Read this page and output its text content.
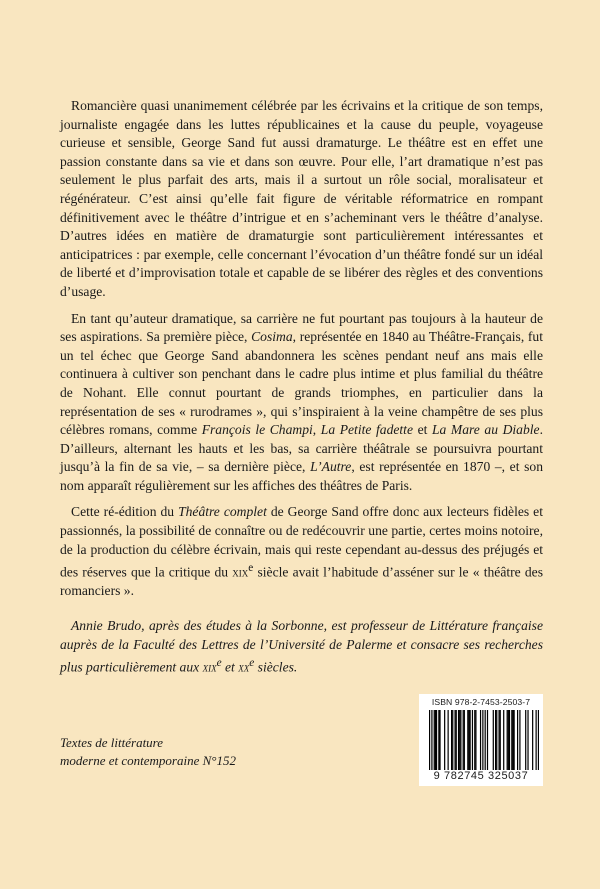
Romancière quasi unanimement célébrée par les écrivains et la critique de son temps, journaliste engagée dans les luttes républicaines et la cause du peuple, voyageuse curieuse et sensible, George Sand fut aussi dramaturge. Le théâtre est en effet une passion constante dans sa vie et dans son œuvre. Pour elle, l’art dramatique n’est pas seulement le plus parfait des arts, mais il a surtout un rôle social, moralisateur et régénérateur. C’est ainsi qu’elle fait figure de véritable réformatrice en rompant définitivement avec le théâtre d’intrigue et en s’acheminant vers le théâtre d’analyse. D’autres idées en matière de dramaturgie sont particulièrement intéressantes et anticipatrices : par exemple, celle concernant l’évocation d’un théâtre fondé sur un idéal de liberté et d’improvisation totale et capable de se libérer des règles et des conventions d’usage.

En tant qu’auteur dramatique, sa carrière ne fut pourtant pas toujours à la hauteur de ses aspirations. Sa première pièce, Cosima, représentée en 1840 au Théâtre-Français, fut un tel échec que George Sand abandonnera les scènes pendant neuf ans mais elle continuera à cultiver son penchant dans le cadre plus intime et plus familial du théâtre de Nohant. Elle connut pourtant de grands triomphes, en particulier dans la représentation de ses « rurodrames », qui s’inspiraient à la veine champêtre de ses plus célèbres romans, comme François le Champi, La Petite fadette et La Mare au Diable. D’ailleurs, alternant les hauts et les bas, sa carrière théâtrale se poursuivra pourtant jusqu’à la fin de sa vie, – sa dernière pièce, L’Autre, est représentée en 1870 –, et son nom apparaît régulièrement sur les affiches des théâtres de Paris.

Cette ré-édition du Théâtre complet de George Sand offre donc aux lecteurs fidèles et passionnés, la possibilité de connaître ou de redécouvrir une partie, certes moins notoire, de la production du célèbre écrivain, mais qui reste cependant au-dessus des préjugés et des réserves que la critique du xix$^e$ siècle avait l’habitude d’asséner sur le « théâtre des romanciers ».

Annie Brudo, après des études à la Sorbonne, est professeur de Littérature française auprès de la Faculté des Lettres de l’Université de Palerme et consacre ses recherches plus particulièrement aux xix$^e$ et $xx^e$ siècles.

Textes de littérature
moderne et contemporaine N°152
ISBN 978-2-7453-2503-7
9 782745 325037
